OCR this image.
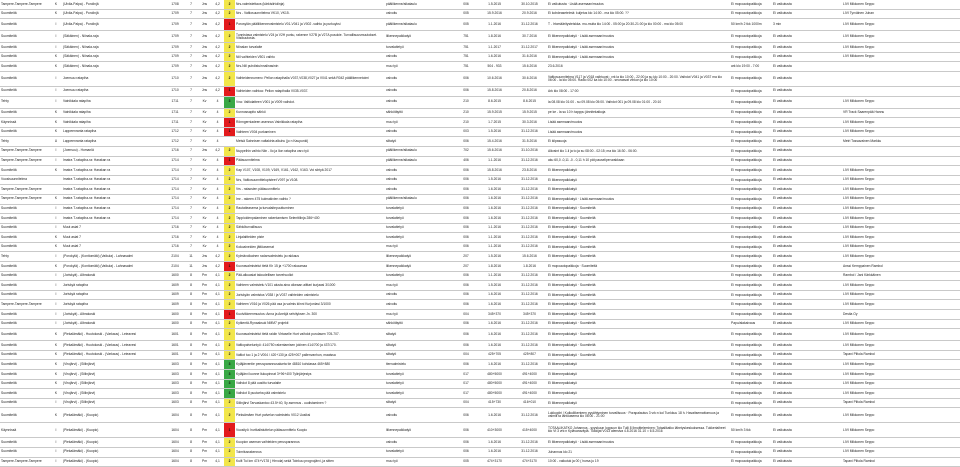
Tampere-Tampere-Tampere	K	(Ulvila-Palpa) - Porolinjä	1708	7	Jns	4,2	2	Nrs-valmistettava (kärkisiirtolinja)	pääliikenne/aikataulu	006	1.5.2015	30.10.2015	Ei vaikutusta · Lisää asemaan/muutos	Ei mopoautopaikkoja	Ei vaikutusta	LIVI Mikkonen Seppo
Suomiteitä	K	(Ulvila-Palpa) - Porolinjä	1709	7	Jns	4,2	2	Nrs - Valtiosuunnitelma VK10, VK15.	valvoitu	005	15.9.2016	20.9.2016	Ei kohdeasetelmä: kuljetus klo 14:00 - ma klo 05:00. ??	Ei mopoautopaikkoja	Ei vaikutusta	LIVI Tyrväinen Juhan
Suomiteitä	I	(Ulvila-Palpa) - Porolinjä	1709	7	Jns	4,2	1	Porosylän pääliiikennevalmistelu V01-V041 ja V002 -vaihto ja purkuyksi	pääliikenne/aikataulu	005	1.1.2016	31.12.2016	T - Irtomääritysteiskka. mu-muita klo 14:00 - 05:00 ja 20:30-21:00 ja klo 00:00 - ma klo 05:00	50 km/h 2 tkk 1000m	3 min	LIVI Mikkonen Seppo
Suomiteitä	I	(Säkäinen) - Niinala-raja	1709	7	Jns	4,2	2	Tunnistava valmistelu V24 ja V2H purku, rakenne V27B ja V27A pusokie. Turvallisuusmuutokset. Viisikuutosta.	liikennepaikkatyö	751	1.8.2016	30.7.2016	Ei liikennepaikkatyö · Lisää asemaan/muutos	Ei mopoautopaikkoja	Ei vaikutusta	LIVI Mikkonen Seppo
Suomiteitä	I	(Säkäinen) - Niinala-raja	1709	7	Jns	4,2	2	Niinalan turvalaite	turvalaitetyö	751	1.1.2017	31.12.2017	Ei liikennepaikkatyö · Lisää asemaan/muutos	Ei mopoautopaikkoja	Ei vaikutusta	LIVI Mikkonen Seppo
Suomiteitä	K	(Säkäinen) - Niinala-raja	1709	7	Jns	4,2	2	Niil vaihteiden V501 vaihto	valvoitu	751	1.6.2016	31.6.2016	Ei liikennepaikkatyö · Lisää asemaan/muutos	Ei mopoautopaikkoja	Ei vaikutusta	LIVI Mikkonen Seppo
Suomiteitä	K	(Säkäinen) - Niinala-raja	1709	7	Jns	4,2	2	Nrs-Niil puhdistuinnalinasinin	muu työ	751	504 - 933	15.6.2016	23.6.2016	ark klo 19:00 - 7:00	Ei vaikutusta	
Suomiteitä	I	Joensuu ratapiha	1710	7	Jns	4,2	2	Vaihteidennumero: Pellon ratapihalla V037,V038,V027 ja V041 sekä R042 pääliikennetoimi	valvoitu	006	10.6.2016	30.6.2016	Valtiosuunnitelma V117 ja V018 vaihtuvat : vrk la klo 10:00 - 22:00 ja su klo 10:00 - 20:00. Vaihdot V041 ja V037 ma klo 06:00 - la klo 05:00. Radio 002 ka klo 10:00 - seuraavat vihkon ja klo 10:00	Ei mopoautopaikkoja	Ei vaikutusta	
Suomiteitä	I	Joensuu ratapiha	1710	7	Jns	4,2	1	Vaihteiden vaihtoa: Pellon ratapihalla V035-V037.	valvoitu	006	15.8.2016	20.8.2016	Ark klo 08:00 - 17:00	Ei mopoautopaikkoja	Ei vaikutusta	
Tehty	I	Vainikkala ratapiha	1711	7	Kv	4	3	Vna: Valtiolatteen V001 ja V009 vaihdot.	valvoitu	210	8.6.2015	8.6.2015	la 08.08 klo 01:00 - su 09.08 klo 05:00. Vaihdot 001 ja 09.08 klo 01:00 - 20:10	Ei mopoautopaikkoja	Ei vaikutusta	LIVI Mikkonen Seppo
Suomiteitä	K	Vainikkala ratapiha	1711	7	Kv	4	2	Kunnossapito sähkö	sähkötäyttö	210	15.9.2015	15.9.2015	pe ke - la su 10 h tapppu jännitekatkoja	Ei mopoautopaikkoja	Ei vaikutusta	VR Track Saarenpää Hannu
Käynnissä	K	Vainikkala ratapiha	1711	7	Kv	4	1	Rönngerniadeen asennus Vainikkala ratapiha	muu työ	210	1.7.2015	30.3.2016	Lisää asemaan/muutos	Ei mopoautopaikkoja	Ei vaikutusta	LIVI Mikkonen Seppo
Suomiteitä	K	Lappeenranta ratapiha	1712	7	Kv	4	1	Vaihteen V004 purkaminen	valvoitu	003	1.5.2016	31.12.2016	Lisää asemaan/muutos	Ei mopoautopaikkoja	Ei vaikutusta	LIVI Mikkonen Seppo
Tehty	U	Lappeenranta ratapiha	1712	7	Kv	4		Metsä Sainnisen valtakirta alkuhu (jo n Kaupunki)	siltatyö	006	15.4.2016	31.5.2016	Ei kilpasuoja	Ei mopoautopaikkoja	Ei vaikutusta	Metri Tossavainen Markku
Tampere-Tampere-Tampere	I	(Joensuu) - Homanlä	1716	7	Jns	4,2	2	Nuppelhin vaihto Niin - Ilo ja Ilon ratapiha varo työ	pääliikenne/aikataulu	702	15.6.2016	31.10.2016	Alkraint klo 1.li ja to ja su 08:00 - 02:15; ma klo 16:30 - 06:00.	Ei mopoautopaikkoja	Ei vaikutusta	
Tampere-Tampere-Tampere	I	Imatra T-ratapiha-ra: Harakan ra	1714	7	Kv	4	1	Pääsuunnitelma	pääliikenne/aikataulu	406	1.1.2016	31.12.2016	aku 60,0 -0,11 -0 - 0,11 h 10 pät pauseliperurakkaan	Ei mopoautopaikkoja	Ei vaikutusta	
Suomiteitä	K	Imatra T-ratapiha-ra: Harakan ra	1714	7	Kv	4	2	Kap V107, V108, V109, V169, V161, V162, V163. Voi siirtyä 2017	valvoitu	006	15.8.2016	23.8.2016	Ei liikennepaikkatyö	Ei mopoautopaikkoja	Ei vaikutusta	LIVI Mikkonen Seppo
Vuosisuunnitelma		Imatra T-ratapiha-ra: Harakan ra	1714	7	Kv	4	2	Nrs, Valtiosuunnittelupisteet V097 ja V108.	valvoitu	006	1.5.2016	31.12.2016	Ei liikennepaikkatyö	Ei mopoautopaikkoja	Ei vaikutusta	LIVI Mikkonen Seppo
Tampere-Tampere-Tampere		Imatra T-ratapiha-ra: Harakan ra	1714	7	Kv	4	2	Vrs - rataosien pääsuunnittelu	valvoitu	006	1.6.2016	31.12.2016	Ei liikennepaikkatyö	Ei mopoautopaikkoja	Ei vaikutusta	LIVI Mikkonen Seppo
Tampere-Tampere-Tampere	K	Imatra T-ratapiha-ra: Harakan ra	1714	7	Kv	4	2	Imr - rakeen 475 kulmakivien vaihto ?	pääliikenne/aikataulu	006	1.6.2016	31.12.2016	Ei liikennepaikkatyö · Lisää asemaan/muutos	Ei mopoautopaikkoja	Ei vaikutusta	LIVI Mikkonen Seppo
Suomiteitä	I	Imatra T-ratapiha-ra: Harakan ra	1714	7	Kv	4	2	Rautatieasema ja turvalaitepuuttuminen	turvalaitetyö	006	1.6.2016	31.12.2016	Ei liikennepaikkatyö · Suomiteitä	Ei mopoautopaikkoja	Ei vaikutusta	LIVI Mikkonen Seppo
Suomiteitä	I	Imatra T-ratapiha-ra: Harakan ra	1714	7	Kv	4	2	Tappioidenpalaminen rakentamisen Selenttilinja 286+400	turvalaitetyö	006	1.6.2016	31.12.2016	Ei liikennepaikkatyö · Suomiteitä	Ei mopoautopaikkoja	Ei vaikutusta	LIVI Mikkonen Seppo
Suomiteitä	I	Muut asiat 7	1716	7	Kv	4	2	Sähköturvallisuus	turvalaitetyö	006	1.1.2016	31.12.2016	Ei liikennepaikkatyö · Suomiteitä	Ei mopoautopaikkoja	Ei vaikutusta	LIVI Mikkonen Seppo
Suomiteitä	K	Muut asiat 7	1716	7	Kv	4	2	Linjalaitteiden piste	turvalaitetyö	006	1.1.2016	31.12.2016	Ei liikennepaikkatyö · Suomiteitä	Ei mopoautopaikkoja	Ei vaikutusta	LIVI Mikkonen Seppo
Suomiteitä	K	Muut asiat 7	1716	7	Kv	4	2	Kokoaineiden jättöasemat	muu työ	006	1.1.2016	31.12.2016	Ei liikennepaikkatyö · Suomiteitä	Ei mopoautopaikkoja	Ei vaikutusta	LIVI Mikkonen Seppo
Tehty	I	(Porokylä) - (Kontiomäki) (Vaikula) - Lahnasalmi	2104	11	Jns	4,2	2	Kylmävoikainen radanvalmistelu ja rakkaus	liikennepaikkatyö	207	1.5.2016	15.6.2016	Ei liikennepaikkatyö · Suomiteitä	Ei mopoautopaikkoja	Ei vaikutusta	LIVI Mikkonen Seppo
Suomiteitä	K	(Porokylä) - (Kontiomäki) (Vaikula) - Lahnasalmi	2104	11	Jns	4,2	1	Kuonavalmistelut tietä Kh 15 ja +1700 rakaumaa	liikennepaikkatyö	207	1.8.2016	1.8.2016	Ei mopoautopaikkoja · Suomiteitä	Ei mopoautopaikkoja	Ei vaikutusta	Anssi Kemppainen Rambol
Suomiteitä	I	(Joriskyä) - Albrakoski	1600	8	Pm	4,1	2	Pää-alkuasiat taloudellisen tarvehuollot	turvalaitetyö	006	1.1.2016	31.12.2016	Ei liikennepaikkatyö · Suomiteitä	Ei mopoautopaikkoja	Ei vaikutusta	Rambol / Jani Kärkkäinen
Suomiteitä	I	Joriskyä ratapiha	1609	8	Pm	4,1	2	Vaihteen valmistelu V101 alusta aina oikeaan aiittari kurjaasi 3/1000	muu työ	006	1.5.2016	31.12.2016	Ei liikennepaikkatyö · Suomiteitä	Ei mopoautopaikkoja	Ei vaikutusta	LIVI Mikkonen Seppo
Suomiteitä	I	Joriskyä ratapiha	1609	8	Pm	4,1	2	Joriskyän valmistus V038 / ja V037 vaihteiden valmistelu	valvoitu	006	1.6.2016	31.12.2016	Ei liikennepaikkatyö · Suomiteitä	Ei mopoautopaikkoja	Ei vaikutusta	LIVI Mikkonen Seppo
Tampere-Tampere-Tampere	I	Joriskyä ratapiha	1609	8	Pm	4,1	2	Vaihteen V016 ja V026 pää osa ja valmis kiinni Kurjonlasi 3/1000	valvoitu	006	1.6.2016	31.12.2016	Ei liikennepaikkatyö · Suomiteitä	Ei mopoautopaikkoja	Ei vaikutusta	LIVI Mikkonen Seppo
Suomiteitä	I	(Joriskyä) - Albrakoski	1600	8	Pm	4,1	1	Kuoivikkeenmuutos: Anna ja Anekjä selvityksen Jn. 300	muu työ	004	345+370	345+370	Ei liikennepaikkatyö · Suomiteitä	Ei mopoautopaikkoja	Ei vaikutusta	Destia Oy
Suomiteitä	I	(Joriskyä) - Albrakoski	1600	8	Pm	4,1	2	Kytkentä-Rynaaksuk NMM7 projekti	sähkötäyttö	006	1.6.2016	31.12.2016	Ei liikennepaikkatyö · Suomiteitä	Papu/alakaivaus	Ei vaikutusta	LIVI Mikkonen Seppo
Suomiteitä	K	(Piekalämäki) - Huutokoski - (Varkaus) - Leieavesi	1601	8	Pm	4,1	2	Kuonavalmistelut tietä raidin Virtaselle Hurt vaihdot purulasen 705-707.	siltatyö	006	1.6.2016	31.12.2016	Ei liikennepaikkatyö · Suomiteitä	Ei mopoautopaikkoja	Ei vaikutusta	LIVI Mikkonen Seppo
Suomiteitä	K	(Piekalämäki) - Huutokoski - (Varkaus) - Leieavesi	1601	8	Pm	4,1	2	Valtiopalveluntyö: 414/750 rakentamisen jokinen 414/700 ja 437/170.	siltatyö	006	1.6.2016	31.12.2016	Ei liikennepaikkatyö · Suomiteitä	Ei mopoautopaikkoja	Ei vaikutusta	LIVI Mikkonen Seppo
Suomiteitä	K	(Piekalämäki) - Huutokoski - (Varkaus) - Leieavesi	1601	8	Pm	4,1	2	Valtiot tuo 1 ja 2 V004 / 420+130 ja 425+007 pallenvanhun, maaissa	siltatyö	004	425+705	425+807	Ei liikennepaikkatyö · Suomiteitä	Ei mopoautopaikkoja	Ei vaikutusta	Tapani Piltola Rambol
Suomiteitä	K	(Virojärvi) - (Siilinjärvi)	1603	8	Pm	4,1	3	Kyläjärventie perusparannusalueta tie 48810 kohdassa 465+880	tienvalmistelu	006	1.6.2016	31.12.2016	Ei liikennepaikkatyö	Ei mopoautopaikkoja	Ei vaikutusta	LIVI Mikkonen Seppo
Suomiteitä	K	(Virojärvi) - (Siilinjärvi)	1603	8	Pm	4,1	3	Kyläjärvi luonne liukupinnat 3+96+400 Tylinjärjestys	turvalaitetyö	017	480+5000	491+4000	Ei liikennepaikkatyö	Ei mopoautopaikkoja	Ei vaikutusta	LIVI Mikkonen Seppo
Suomiteitä	K	(Virojärvi) - (Siilinjärvi)	1603	8	Pm	4,1	3	Vaihdot 8 pää uusittu turvalaite	turvalaitetyö	017	480+5000	491+4000	Ei liikennepaikkatyö	Ei mopoautopaikkoja	Ei vaikutusta	LIVI Mikkonen Seppo
Suomiteitä	K	(Virojärvi) - (Siilinjärvi)	1603	8	Pm	4,1	3	Vaihdot 8 puutarha pää valmistelu	turvalaitetyö	017	480+5000	491+4000	Ei liikennepaikkatyö	Ei mopoautopaikkoja	Ei vaikutusta	LIVI Mikkonen Seppo
Suomiteitä	I	(Virojärvi) - (Siilinjärvi)	1603	8	Pm	4,1	2	Siilinjärvi Tarvaskantoo 43.5+40, 5y asennus - uudistaminen ?	siltatyö	004	415+730	416+010	Ei liikennepaikkatyö	Ei mopoautopaikkoja	Ei vaikutusta	Tapani Piltola Rambol
Suomiteitä	K	(Piekalämäki) - (Kuopio)	1604	8	Pm	4,1	2	Pieksämäen Hurt palvelun valmistelu V012 Uusiksi	valvoitu	006	1.6.2016	31.12.2016	Lukkopiiri / Kulkuliikenteen pysähtyminen turvallisuus · Porapalautus 3 vrk:n kol Tunkkuu 18 h. Havaitsemattomuus ja valmiit ta lähtöasema klo 06:00 - 21:00	Ei mopoautopaikkoja	Ei vaikutusta	LIVI Mikkonen Seppo
Käynnissä	I	(Piekalämäki) - (Kuopio)	1604	8	Pm	4,1	1	Vuosityö: hurtkalistuttelun pääsuunnittelu Kuopio	liikennepaikkatyö	006	410+3000	415+4000	TOTAALIKATKO Juhannus - syyskuun loppuun klo Tulli 8 Ilmoitteleminen: Totaalikatko lähetyskeskuksessa. Tukkeriaiheet klo Vt 3 vrk:n Kylävaraväylä. Tukkijat V013 alensiva 4.8.2016 31.10 = 6.5.2016	50 km/h 3 tkk	Ei vaikutusta	LIVI Mikkonen Seppo
Suomiteitä	I	(Piekalämäki) - (Kuopio)	1604	8	Pm	4,1	2	Kuopion aseman vaihteiden perusparannus	valvoitu	006	1.6.2016	31.12.2016	Ei liikennepaikkatyö · Lisää asemaan/muutos	Ei mopoautopaikkoja	Ei vaikutusta	LIVI Mikkonen Seppo
Suomiteitä	I	(Piekalämäki) - (Kuopio)	1604	8	Pm	4,1	2	Toimitusrakennus	turvalaitetyö	006	1.6.2016	31.12.2016	Juhannus klo 21	Ei mopoautopaikkoja	Ei vaikutusta	LIVI Mikkonen Seppo
Tampere-Tampere-Tampere	I	(Piekalämäki) - (Kuopio)	1604	8	Pm	4,1	2	Kuilt Tui km 474+V178 ( Hirvola) sekä Toinkuu prognojärvi, ja sitten	muu työ	005	474+3170	474+3170	10:00 - vaikutuk ja 00 ( hursa ju 19	Ei mopoautopaikkoja	Ei vaikutusta	Tapani Piltola Rambol
